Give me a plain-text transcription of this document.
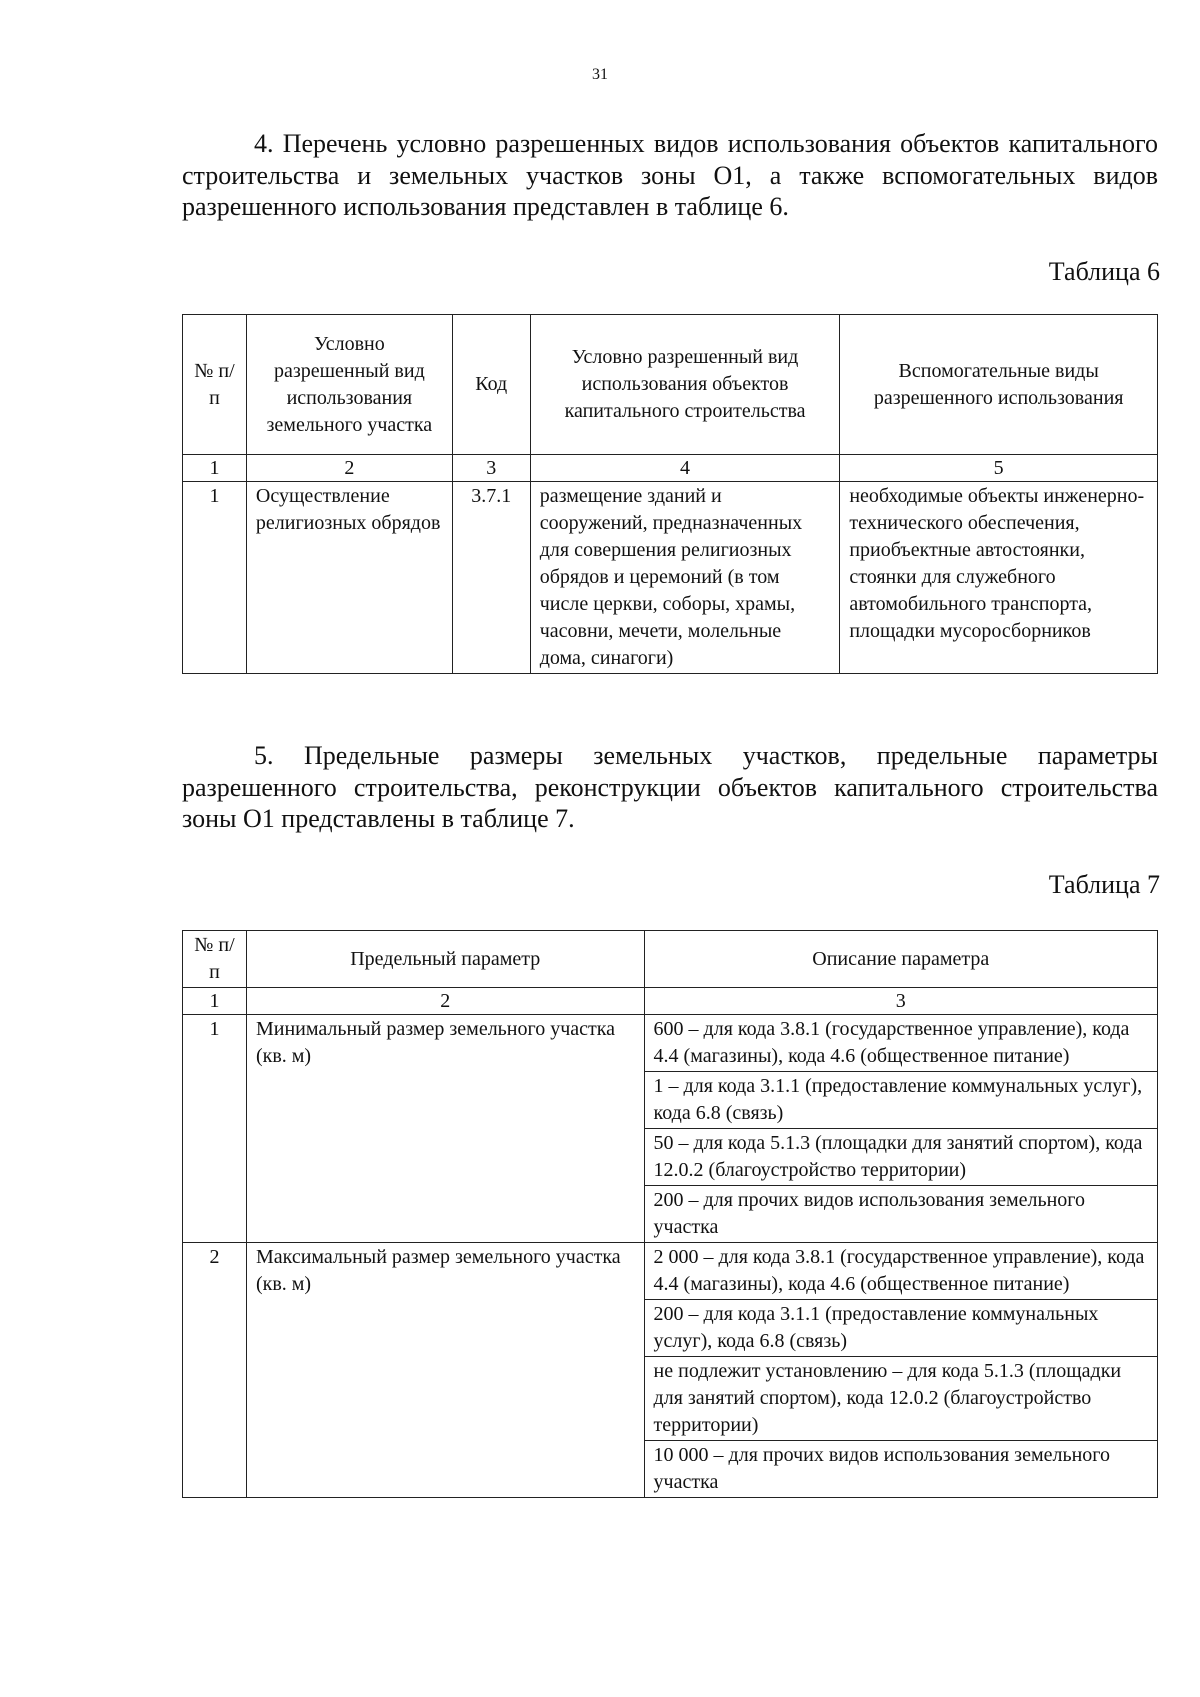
31

4. Перечень условно разрешенных видов использования объектов капитального строительства и земельных участков зоны О1, а также вспомогательных видов разрешенного использования представлен в таблице 6.

Таблица 6
№ п/п	Условно разрешенный вид использования земельного участка	Код	Условно разрешенный вид использования объектов капитального строительства	Вспомогательные виды разрешенного использования
1	2	3	4	5
1	Осуществление религиозных обрядов	3.7.1	размещение зданий и сооружений, предназначенных для совершения религиозных обрядов и церемоний (в том числе церкви, соборы, храмы, часовни, мечети, молельные дома, синагоги)	необходимые объекты инженерно-технического обеспечения, приобъектные автостоянки, стоянки для служебного автомобильного транспорта, площадки мусоросборников

5. Предельные размеры земельных участков, предельные параметры разрешенного строительства, реконструкции объектов капитального строительства зоны О1 представлены в таблице 7.

Таблица 7
№ п/п	Предельный параметр	Описание параметра
1	2	3
1	Минимальный размер земельного участка (кв. м)	600 – для кода 3.8.1 (государственное управление), кода 4.4 (магазины), кода 4.6 (общественное питание)
		1 – для кода 3.1.1 (предоставление коммунальных услуг), кода 6.8 (связь)
		50 – для кода 5.1.3 (площадки для занятий спортом), кода 12.0.2 (благоустройство территории)
		200 – для прочих видов использования земельного участка
2	Максимальный размер земельного участка (кв. м)	2 000 – для кода 3.8.1 (государственное управление), кода 4.4 (магазины), кода 4.6 (общественное питание)
		200 – для кода 3.1.1 (предоставление коммунальных услуг), кода 6.8 (связь)
		не подлежит установлению – для кода 5.1.3 (площадки для занятий спортом), кода 12.0.2 (благоустройство территории)
		10 000 – для прочих видов использования земельного участка
